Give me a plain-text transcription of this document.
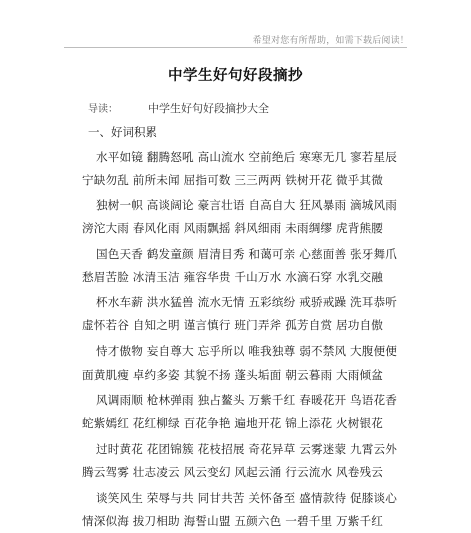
希望对您有所帮助，如需下载后阅读！
中学生好句好段摘抄
导读：	中学生好句好段摘抄大全
一、好词积累
水平如镜 翻腾怒吼 高山流水 空前绝后 寒寒无几 寥若星辰
宁缺勿乱 前所未闻 屈指可数 三三两两 铁树开花 微乎其微
独树一帜 高谈阔论 豪言壮语 自高自大 狂风暴雨 滴城风雨
滂沱大雨 春风化雨 风雨飘摇 斜风细雨 未雨绸缪 虎背熊腰
国色天香 鹤发童颜 眉清目秀 和蔼可亲 心慈面善 张牙舞爪
愁眉苦脸 冰清玉洁 雍容华贵 千山万水 水滴石穿 水乳交融
杯水车薪 洪水猛兽 流水无情 五彩缤纷 戒骄戒躁 洗耳恭听
虚怀若谷 自知之明 谨言慎行 班门弄斧 孤芳自赏 居功自傲
恃才傲物 妄自尊大 忘乎所以 唯我独尊 弱不禁风 大腹便便
面黄肌瘦 卓约多姿 其貌不扬 蓬头垢面 朝云暮雨 大雨倾盆
风调雨顺 枪林弹雨 独占鳌头 万紫千红 春暖花开 鸟语花香
蛇紫嫣红 花红柳绿 百花争艳 遍地开花 锦上添花 火树银花
过时黄花 花团锦簇 花枝招展 奇花异草 云雾迷蒙 九霄云外
腾云驾雾 壮志凌云 风云变幻 风起云涌 行云流水 风卷残云
谈笑风生 荣辱与共 同甘共苦 关怀备至 盛情款待 促膝谈心
情深似海 拔刀相助 海誓山盟 五颜六色 一碧千里 万紫千红
